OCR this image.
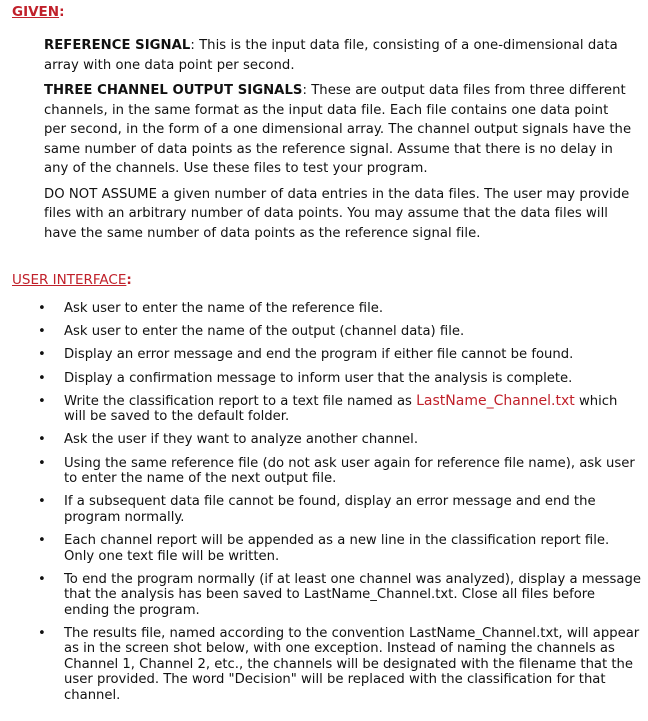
GIVEN:

REFERENCE SIGNAL: This is the input data file, consisting of a one-dimensional data array with one data point per second.

THREE CHANNEL OUTPUT SIGNALS: These are output data files from three different channels, in the same format as the input data file. Each file contains one data point per second, in the form of a one dimensional array. The channel output signals have the same number of data points as the reference signal. Assume that there is no delay in any of the channels. Use these files to test your program.

DO NOT ASSUME a given number of data entries in the data files. The user may provide files with an arbitrary number of data points. You may assume that the data files will have the same number of data points as the reference signal file.

USER INTERFACE:
• Ask user to enter the name of the reference file.
• Ask user to enter the name of the output (channel data) file.
• Display an error message and end the program if either file cannot be found.
• Display a confirmation message to inform user that the analysis is complete.
• Write the classification report to a text file named as LastName_Channel.txt which will be saved to the default folder.
• Ask the user if they want to analyze another channel.
• Using the same reference file (do not ask user again for reference file name), ask user to enter the name of the next output file.
• If a subsequent data file cannot be found, display an error message and end the program normally.
• Each channel report will be appended as a new line in the classification report file. Only one text file will be written.
• To end the program normally (if at least one channel was analyzed), display a message that the analysis has been saved to LastName_Channel.txt. Close all files before ending the program.
• The results file, named according to the convention LastName_Channel.txt, will appear as in the screen shot below, with one exception. Instead of naming the channels as Channel 1, Channel 2, etc., the channels will be designated with the filename that the user provided. The word "Decision" will be replaced with the classification for that channel.
